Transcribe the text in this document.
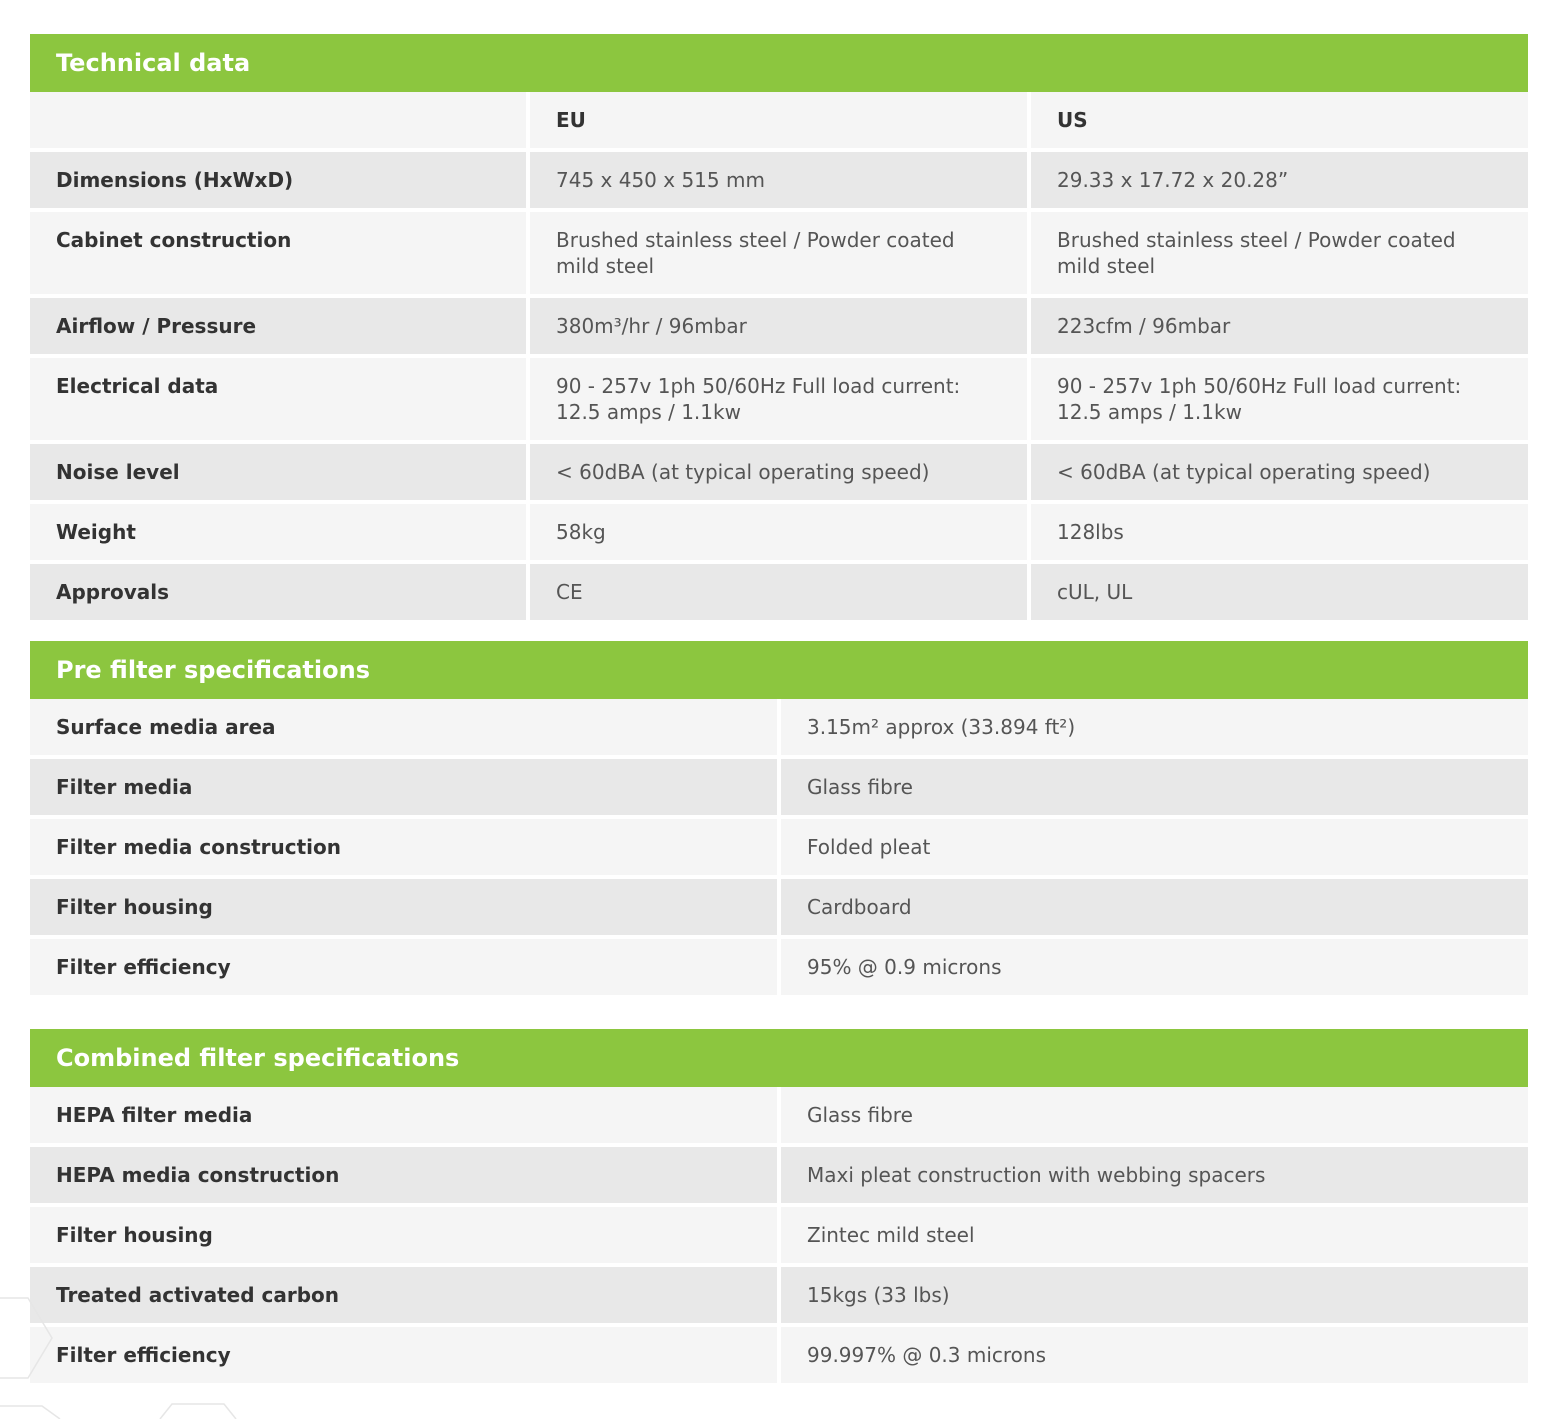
Technical data
	EU	US
Dimensions (HxWxD)	745 x 450 x 515 mm	29.33 x 17.72 x 20.28”
Cabinet construction	Brushed stainless steel / Powder coated mild steel	Brushed stainless steel / Powder coated mild steel
Airflow / Pressure	380m³/hr / 96mbar	223cfm / 96mbar
Electrical data	90 - 257v 1ph 50/60Hz Full load current: 12.5 amps / 1.1kw	90 - 257v 1ph 50/60Hz Full load current: 12.5 amps / 1.1kw
Noise level	< 60dBA (at typical operating speed)	< 60dBA (at typical operating speed)
Weight	58kg	128lbs
Approvals	CE	cUL, UL
Pre filter specifications
Surface media area	3.15m² approx (33.894 ft²)
Filter media	Glass fibre
Filter media construction	Folded pleat
Filter housing	Cardboard
Filter efficiency	95% @ 0.9 microns
Combined filter specifications
HEPA filter media	Glass fibre
HEPA media construction	Maxi pleat construction with webbing spacers
Filter housing	Zintec mild steel
Treated activated carbon	15kgs (33 lbs)
Filter efficiency	99.997% @ 0.3 microns
